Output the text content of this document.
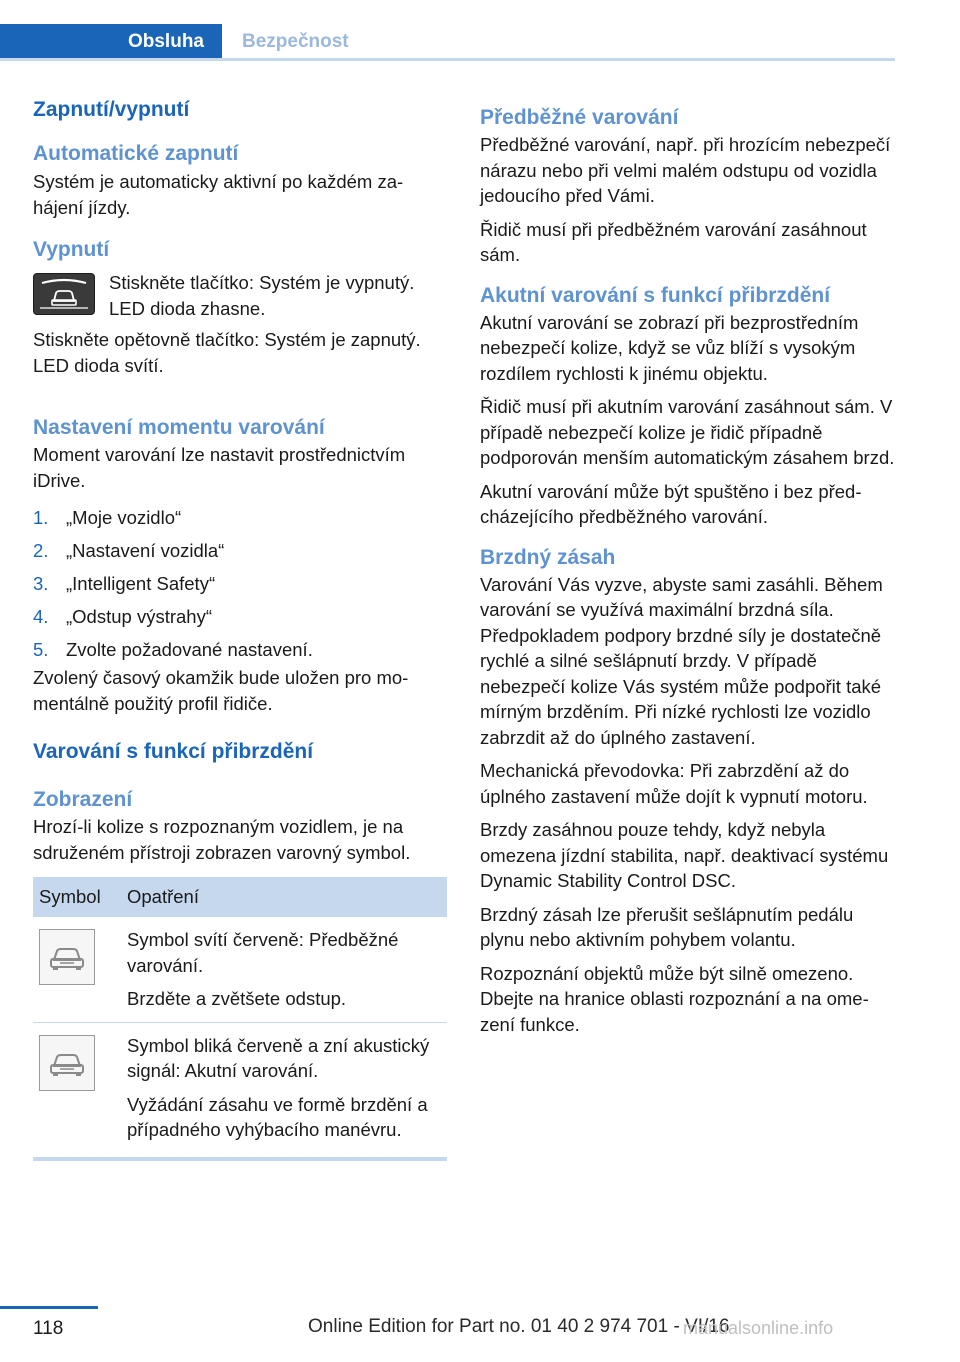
Obsluha	Bezpečnost
Zapnutí/vypnutí
Automatické zapnutí

Systém je automaticky aktivní po každém zahájení jízdy.

Vypnutí

Stiskněte tlačítko: Systém je vypnutý. LED dioda zhasne.

Stiskněte opětovně tlačítko: Systém je zapnutý. LED dioda svítí.

Nastavení momentu varování

Moment varování lze nastavit prostřednictvím iDrive.

1. „Moje vozidlo“
2. „Nastavení vozidla“
3. „Intelligent Safety“
4. „Odstup výstrahy“
5. Zvolte požadované nastavení.

Zvolený časový okamžik bude uložen pro momentálně použitý profil řidiče.

Varování s funkcí přibrzdění
Zobrazení

Hrozí-li kolize s rozpoznaným vozidlem, je na sdruženém přístroji zobrazen varovný symbol.

Symbol	Opatření

Symbol svítí červeně: Předběžné varování.

Brzděte a zvětšete odstup.

Symbol bliká červeně a zní akustický signál: Akutní varování.

Vyžádání zásahu ve formě brzdění a případného vyhýbacího manévru.

Předběžné varování

Předběžné varování, např. při hrozícím nebezpečí nárazu nebo při velmi malém odstupu od vozidla jedoucího před Vámi.

Řidič musí při předběžném varování zasáhnout sám.

Akutní varování s funkcí přibrzdění

Akutní varování se zobrazí při bezprostředním nebezpečí kolize, když se vůz blíží s vysokým rozdílem rychlosti k jinému objektu.

Řidič musí při akutním varování zasáhnout sám. V případě nebezpečí kolize je řidič případně podporován menším automatickým zásahem brzd.

Akutní varování může být spuštěno i bez předcházejícího předběžného varování.

Brzdný zásah

Varování Vás vyzve, abyste sami zasáhli. Během varování se využívá maximální brzdná síla. Předpokladem podpory brzdné síly je dostatečně rychlé a silné sešlápnutí brzdy. V případě nebezpečí kolize Vás systém může podpořit také mírným brzděním. Při nízké rychlosti lze vozidlo zabrzdit až do úplného zastavení.

Mechanická převodovka: Při zabrzdění až do úplného zastavení může dojít k vypnutí motoru.

Brzdy zasáhnou pouze tehdy, když nebyla omezena jízdní stabilita, např. deaktivací systému Dynamic Stability Control DSC.

Brzdný zásah lze přerušit sešlápnutím pedálu plynu nebo aktivním pohybem volantu.

Rozpoznání objektů může být silně omezeno. Dbejte na hranice oblasti rozpoznání a na omezení funkce.

118	Online Edition for Part no. 01 40 2 974 701 - VI/16
manualsonline.info
